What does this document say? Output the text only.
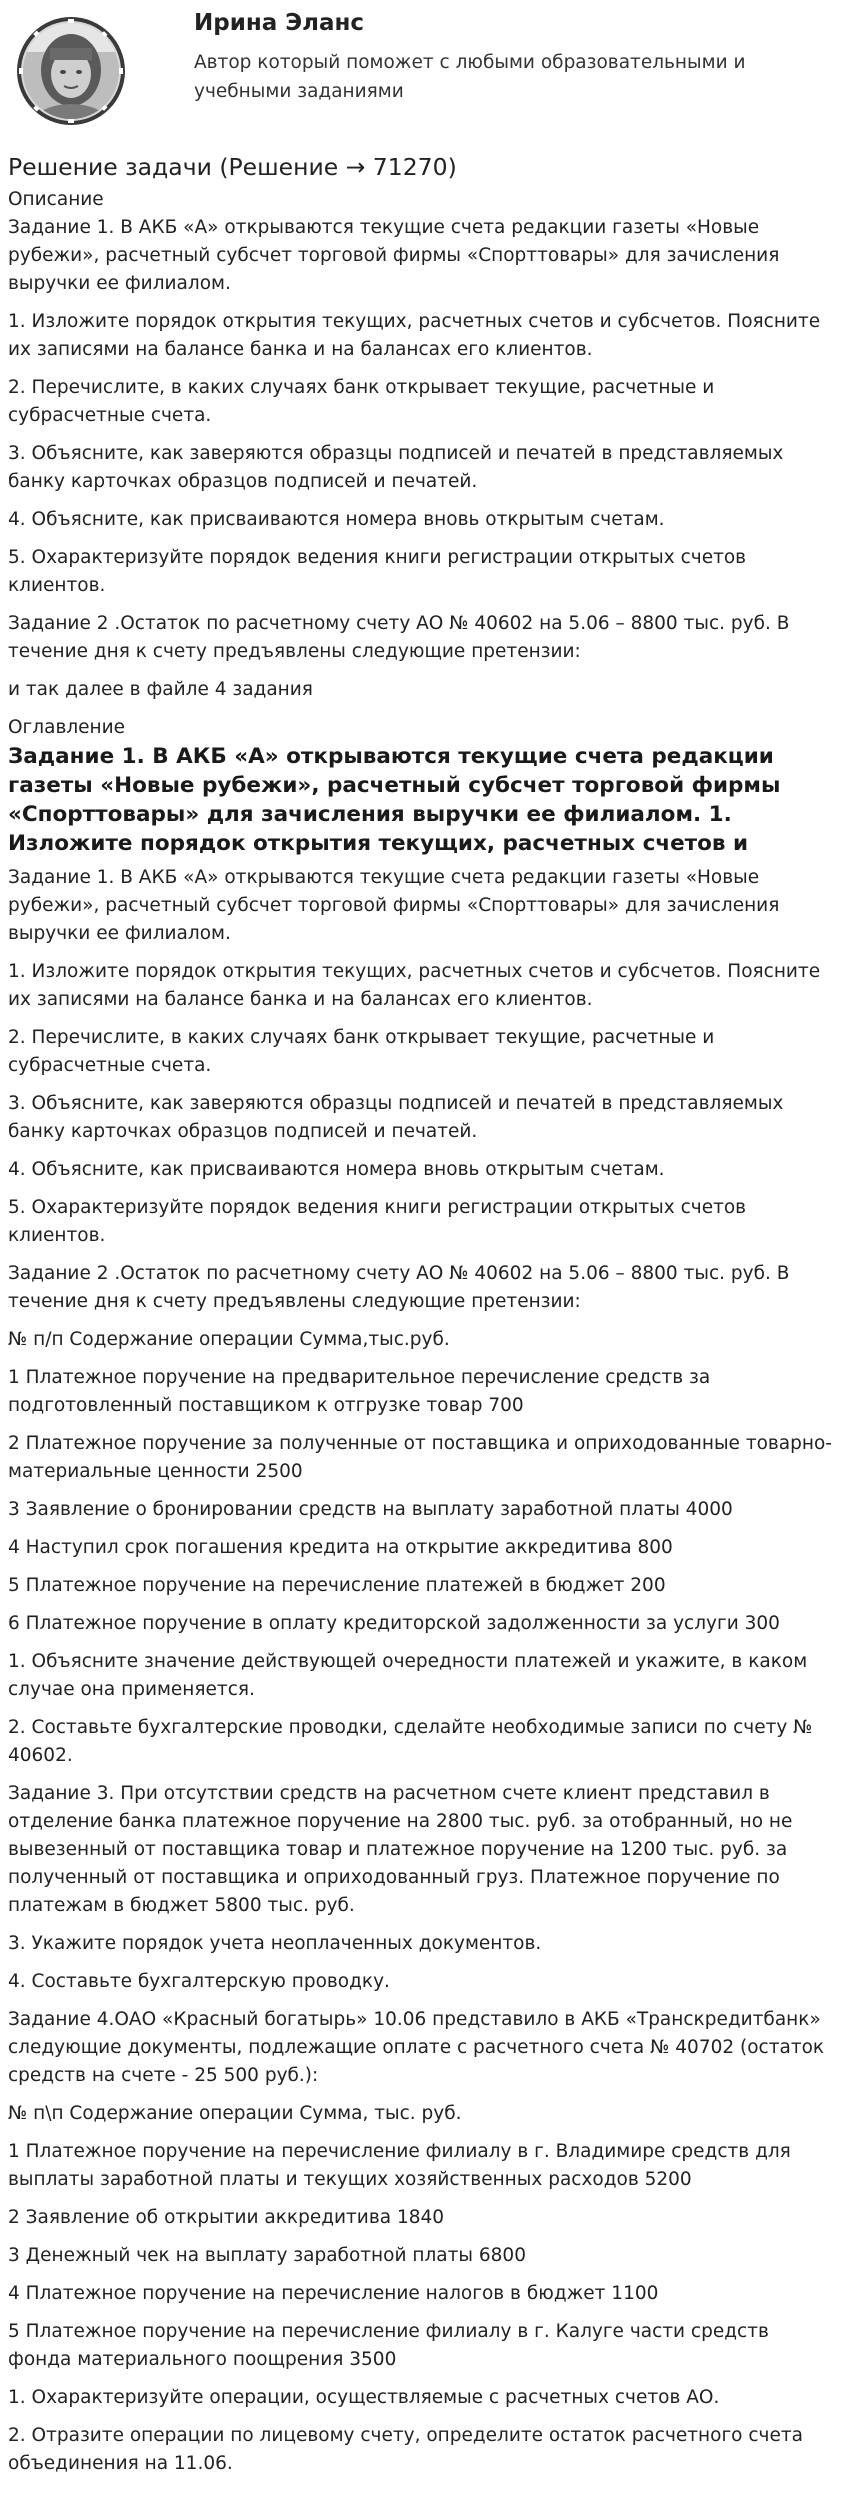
Ирина Эланс
Автор который поможет с любыми образовательными и учебными заданиями
Решение задачи (Решение → 71270)
Описание

Задание 1. В АКБ «А» открываются текущие счета редакции газеты «Новые рубежи», расчетный субсчет торговой фирмы «Спорттовары» для зачисления выручки ее филиалом.

1. Изложите порядок открытия текущих, расчетных счетов и субсчетов. Поясните их записями на балансе банка и на балансах его клиентов.

2. Перечислите, в каких случаях банк открывает текущие, расчетные и субрасчетные счета.

3. Объясните, как заверяются образцы подписей и печатей в представляемых банку карточках образцов подписей и печатей.

4. Объясните, как присваиваются номера вновь открытым счетам.

5. Охарактеризуйте порядок ведения книги регистрации открытых счетов клиентов.

Задание 2 .Остаток по расчетному счету АО № 40602 на 5.06 – 8800 тыс. руб. В течение дня к счету предъявлены следующие претензии:

и так далее в файле 4 задания

Оглавление
Задание 1. В АКБ «А» открываются текущие счета редакции газеты «Новые рубежи», расчетный субсчет торговой фирмы «Спорттовары» для зачисления выручки ее филиалом. 1. Изложите порядок открытия текущих, расчетных счетов и

Задание 1. В АКБ «А» открываются текущие счета редакции газеты «Новые рубежи», расчетный субсчет торговой фирмы «Спорттовары» для зачисления выручки ее филиалом.

1. Изложите порядок открытия текущих, расчетных счетов и субсчетов. Поясните их записями на балансе банка и на балансах его клиентов.

2. Перечислите, в каких случаях банк открывает текущие, расчетные и субрасчетные счета.

3. Объясните, как заверяются образцы подписей и печатей в представляемых банку карточках образцов подписей и печатей.

4. Объясните, как присваиваются номера вновь открытым счетам.

5. Охарактеризуйте порядок ведения книги регистрации открытых счетов клиентов.

Задание 2 .Остаток по расчетному счету АО № 40602 на 5.06 – 8800 тыс. руб. В течение дня к счету предъявлены следующие претензии:

№ п/п Содержание операции Сумма,тыс.руб.

1 Платежное поручение на предварительное перечисление средств за подготовленный поставщиком к отгрузке товар 700

2 Платежное поручение за полученные от поставщика и оприходованные товарно-материальные ценности 2500

3 Заявление о бронировании средств на выплату заработной платы 4000

4 Наступил срок погашения кредита на открытие аккредитива 800

5 Платежное поручение на перечисление платежей в бюджет 200

6 Платежное поручение в оплату кредиторской задолженности за услуги 300

1. Объясните значение действующей очередности платежей и укажите, в каком случае она применяется.

2. Составьте бухгалтерские проводки, сделайте необходимые записи по счету № 40602.

Задание 3. При отсутствии средств на расчетном счете клиент представил в отделение банка платежное поручение на 2800 тыс. руб. за отобранный, но не вывезенный от поставщика товар и платежное поручение на 1200 тыс. руб. за полученный от поставщика и оприходованный груз. Платежное поручение по платежам в бюджет 5800 тыс. руб.

3. Укажите порядок учета неоплаченных документов.

4. Составьте бухгалтерскую проводку.

Задание 4.ОАО «Красный богатырь» 10.06 представило в АКБ «Транскредитбанк» следующие документы, подлежащие оплате с расчетного счета № 40702 (остаток средств на счете - 25 500 руб.):

№ п\п Содержание операции Сумма, тыс. руб.

1 Платежное поручение на перечисление филиалу в г. Владимире средств для выплаты заработной платы и текущих хозяйственных расходов 5200

2 Заявление об открытии аккредитива 1840

3 Денежный чек на выплату заработной платы 6800

4 Платежное поручение на перечисление налогов в бюджет 1100

5 Платежное поручение на перечисление филиалу в г. Калуге части средств фонда материального поощрения 3500

1. Охарактеризуйте операции, осуществляемые с расчетных счетов АО.

2. Отразите операции по лицевому счету, определите остаток расчетного счета объединения на 11.06.
